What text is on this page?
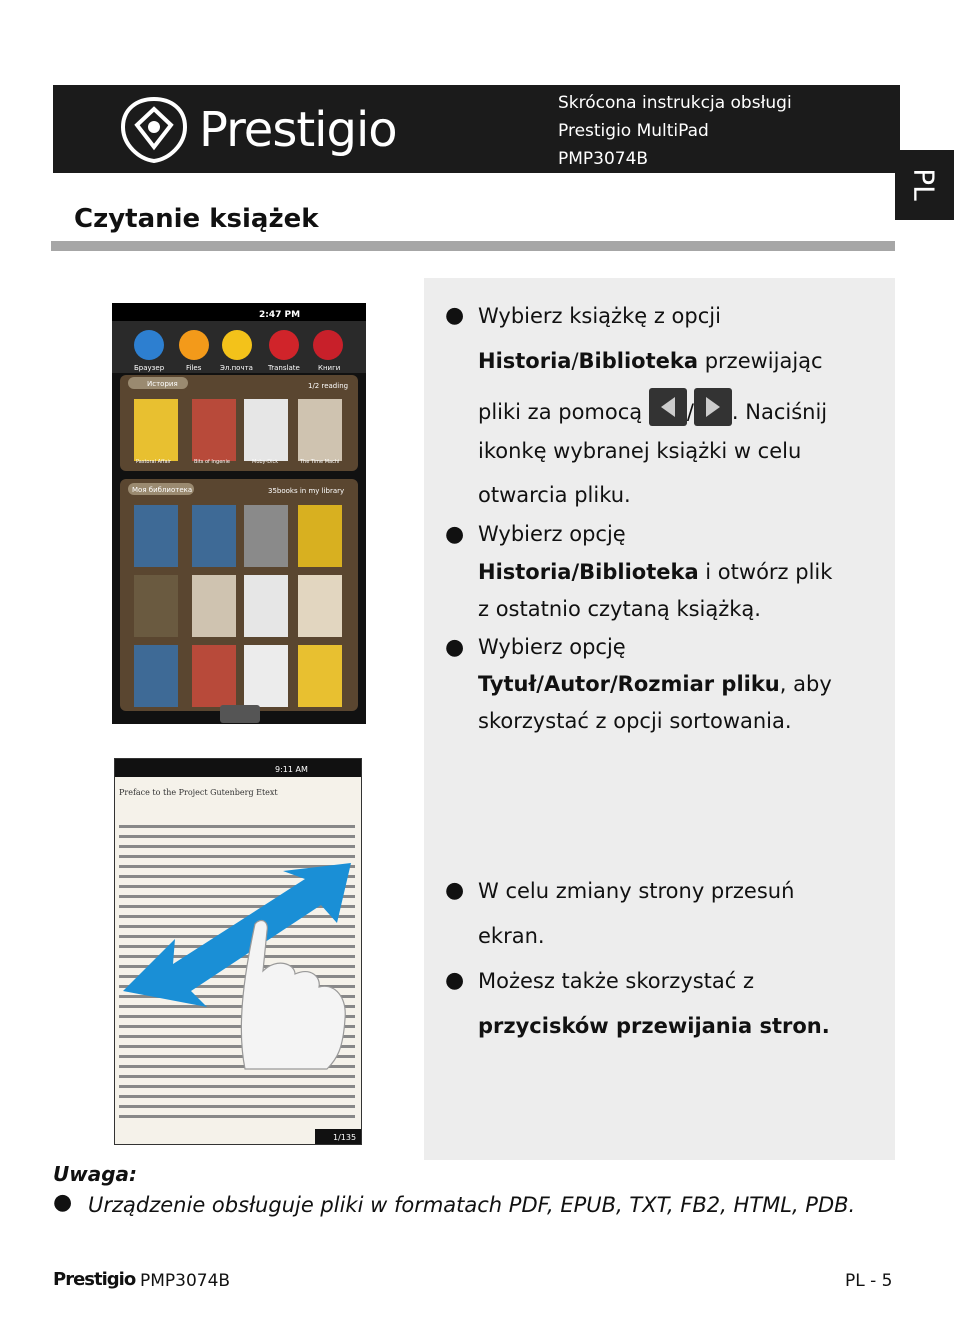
Prestigio	Skrócona instrukcja obsługi
Prestigio MultiPad
PMP3074B
PL
Czytanie książek
2:47 PM
Браузер	Files	Эл.почта Translate	Книги
История	1/2 reading
Pastoral Affair	Bits of Ingenie	Moby-Dick	The Time Machi
Моя библиотека	35books in my library
9:11 AM
Preface to the Project Gutenberg Etext
1/135
● Wybierz książkę z opcji
Historia/Biblioteka przewijając
pliki za pomocą / . Naciśnij
ikonkę wybranej książki w celu
otwarcia pliku.
● Wybierz opcję
Historia/Biblioteka i otwórz plik
z ostatnio czytaną książką.
● Wybierz opcję
Tytuł/Autor/Rozmiar pliku, aby
skorzystać z opcji sortowania.
● W celu zmiany strony przesuń
ekran.
● Możesz także skorzystać z
przycisków przewijania stron.
Uwaga:
● Urządzenie obsługuje pliki w formatach PDF, EPUB, TXT, FB2, HTML, PDB.
Prestigio PMP3074B	PL - 5
